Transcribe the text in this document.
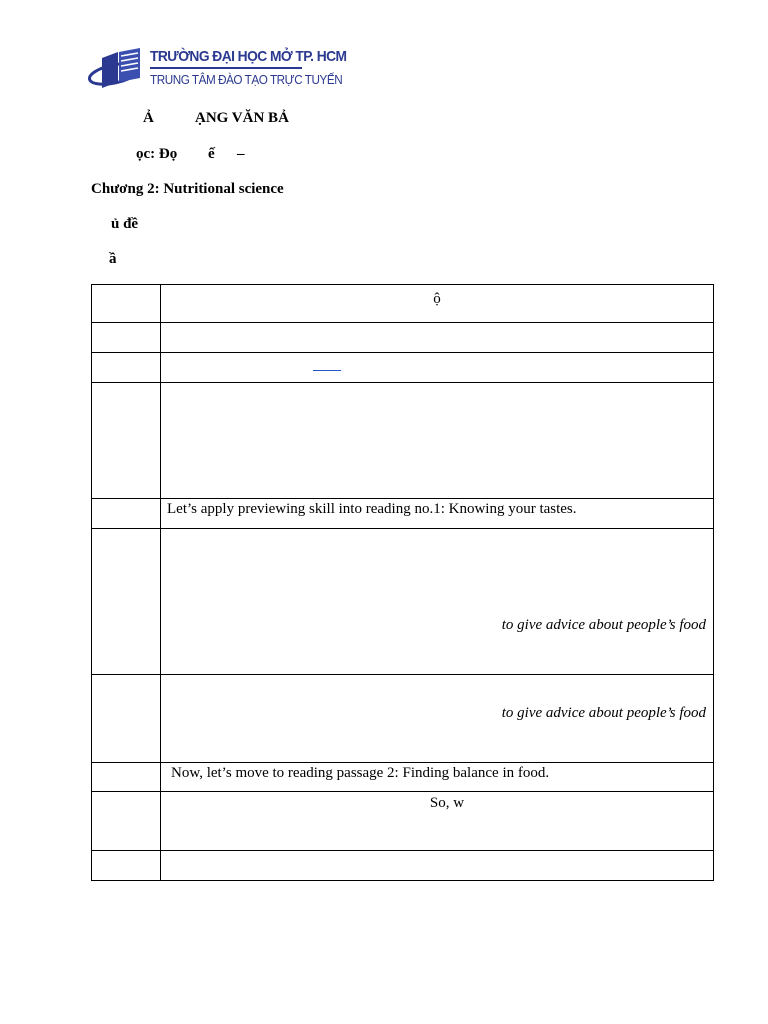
TRƯỜNG ĐẠI HỌC MỞ TP. HCM
TRUNG TÂM ĐÀO TẠO TRỰC TUYẾN
Ả	ẠNG VĂN BẢ
ọc: Đọ ế –
Chương 2: Nutritional science
ủ đề
ầ
	ộ

	Let’s apply previewing skill into reading no.1: Knowing your tastes.

	to give advice about people’s food

	to give advice about people’s food

	Now, let’s move to reading passage 2: Finding balance in food.
	So, w
